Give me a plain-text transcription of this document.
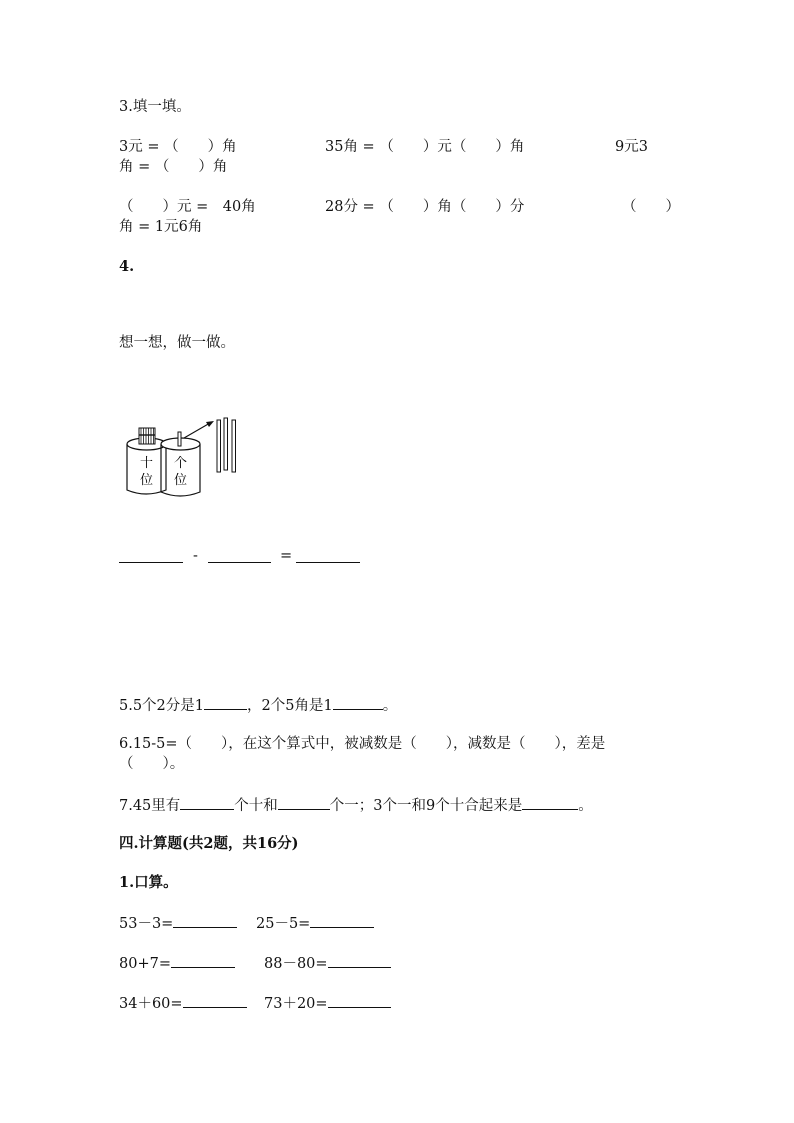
3.填一填。
3元 = （　　）角	35角 = （　　）元（　　）角	9元3
角 = （　　）角
（　　）元 =　40角	28分 = （　　）角（　　）分	（　　）
角 = 1元6角
4.
想一想，做一做。
十
位
个
位
-	=
5.5个2分是1	，2个5角是1	。
6.15-5=（　　），在这个算式中，被减数是（　　），减数是（　　），差是
（　　）。
7.45里有	个十和	个一；3个一和9个十合起来是	。
四.计算题(共2题，共16分)
1.口算。
53－3=	25－5=
80+7=	88－80=
34＋60=	73＋20=
